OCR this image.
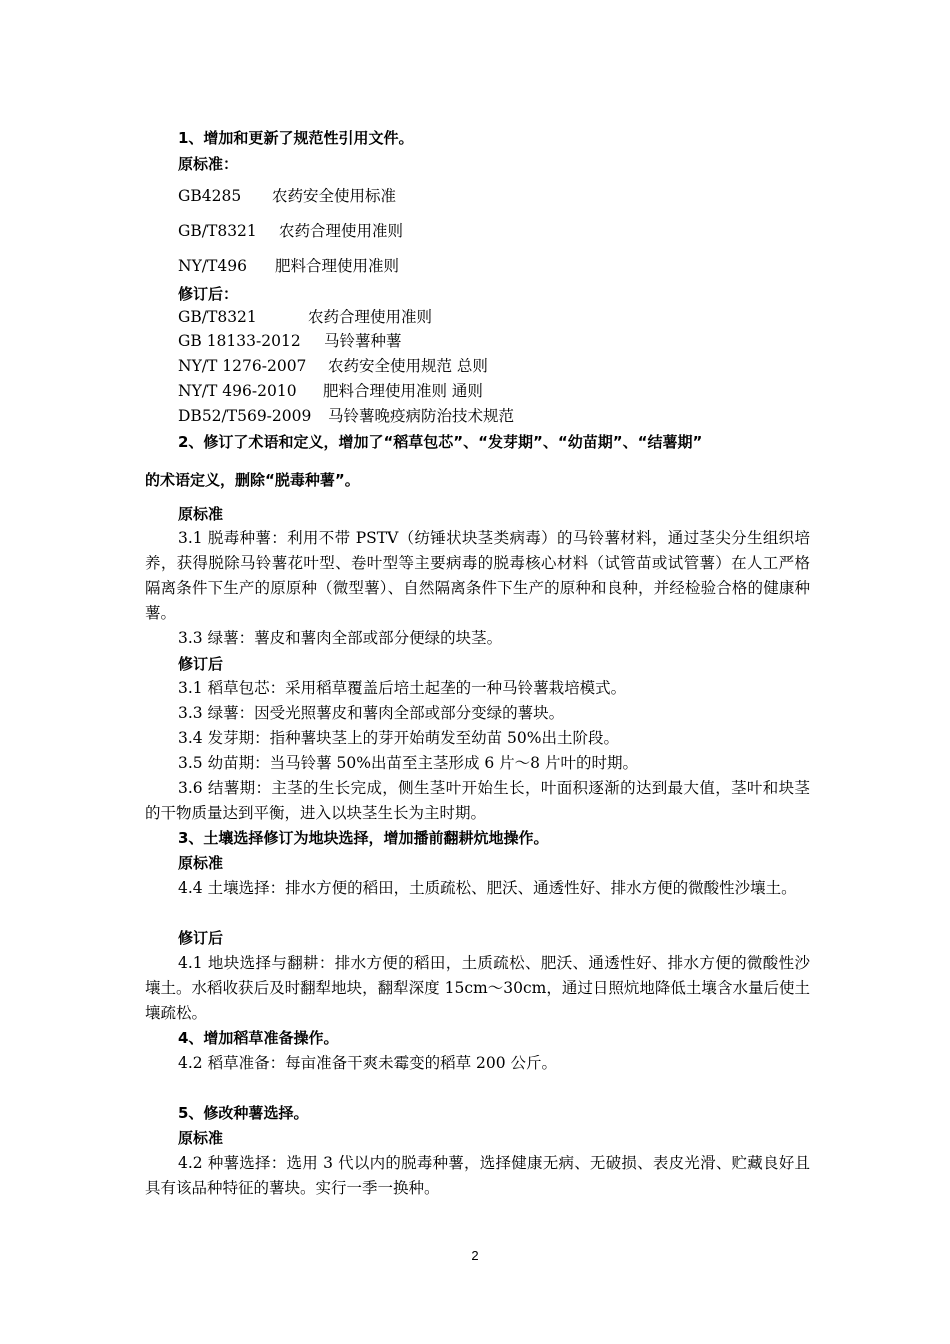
1、增加和更新了规范性引用文件。
原标准：
GB4285 农药安全使用标准
GB/T8321 农药合理使用准则
NY/T496 肥料合理使用准则
修订后：
GB/T8321	农药合理使用准则
GB 18133-2012 马铃薯种薯
NY/T 1276-2007 农药安全使用规范 总则
NY/T 496-2010 肥料合理使用准则 通则
DB52/T569-2009 马铃薯晚疫病防治技术规范
2、修订了术语和定义，增加了“稻草包芯”、“发芽期”、“幼苗期”、“结薯期”
的术语定义，删除“脱毒种薯”。
原标准
3.1 脱毒种薯：利用不带 PSTV（纺锤状块茎类病毒）的马铃薯材料，通过茎尖分生组织培养，获得脱除马铃薯花叶型、卷叶型等主要病毒的脱毒核心材料（试管苗或试管薯）在人工严格隔离条件下生产的原原种（微型薯）、自然隔离条件下生产的原种和良种，并经检验合格的健康种薯。
3.3 绿薯：薯皮和薯肉全部或部分便绿的块茎。
修订后
3.1 稻草包芯：采用稻草覆盖后培土起垄的一种马铃薯栽培模式。
3.3 绿薯：因受光照薯皮和薯肉全部或部分变绿的薯块。
3.4 发芽期：指种薯块茎上的芽开始萌发至幼苗 50%出土阶段。
3.5 幼苗期：当马铃薯 50%出苗至主茎形成 6 片～8 片叶的时期。
3.6 结薯期：主茎的生长完成，侧生茎叶开始生长，叶面积逐渐的达到最大值，茎叶和块茎的干物质量达到平衡，进入以块茎生长为主时期。
3、土壤选择修订为地块选择，增加播前翻耕炕地操作。
原标准
4.4 土壤选择：排水方便的稻田，土质疏松、肥沃、通透性好、排水方便的微酸性沙壤土。
修订后
4.1 地块选择与翻耕：排水方便的稻田，土质疏松、肥沃、通透性好、排水方便的微酸性沙壤土。水稻收获后及时翻犁地块，翻犁深度 15cm～30cm，通过日照炕地降低土壤含水量后使土壤疏松。
4、增加稻草准备操作。
4.2 稻草准备：每亩准备干爽未霉变的稻草 200 公斤。
5、修改种薯选择。
原标准
4.2 种薯选择：选用 3 代以内的脱毒种薯，选择健康无病、无破损、表皮光滑、贮藏良好且具有该品种特征的薯块。实行一季一换种。
2
